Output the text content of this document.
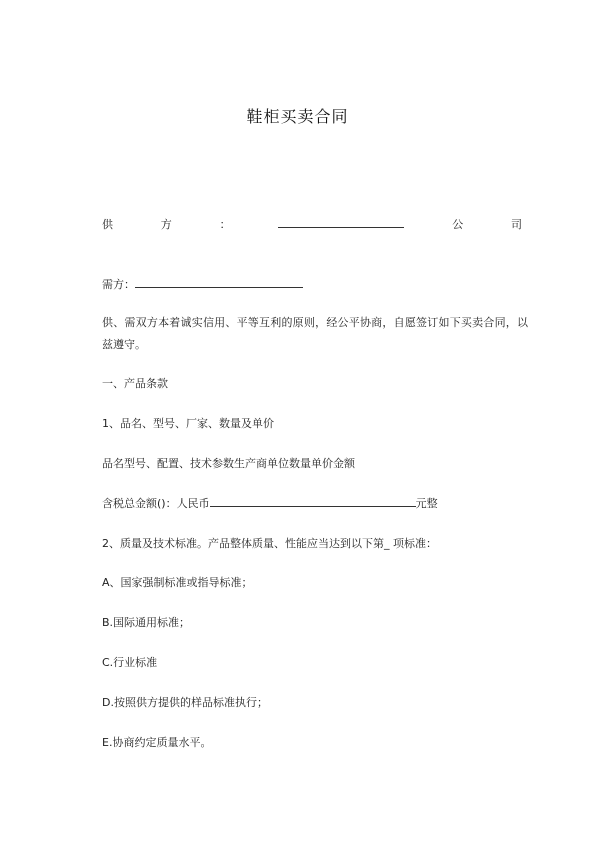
鞋柜买卖合同
供	方	：	公	司
需方：
供、需双方本着诚实信用、平等互利的原则，经公平协商，自愿签订如下买卖合同，以兹遵守。
一、产品条款
1、品名、型号、厂家、数量及单价
品名型号、配置、技术参数生产商单位数量单价金额
含税总金额()：人民币	元整
2、质量及技术标准。产品整体质量、性能应当达到以下第_ 项标准：
A、国家强制标准或指导标准；
B.国际通用标准；
C.行业标准
D.按照供方提供的样品标准执行；
E.协商约定质量水平。
